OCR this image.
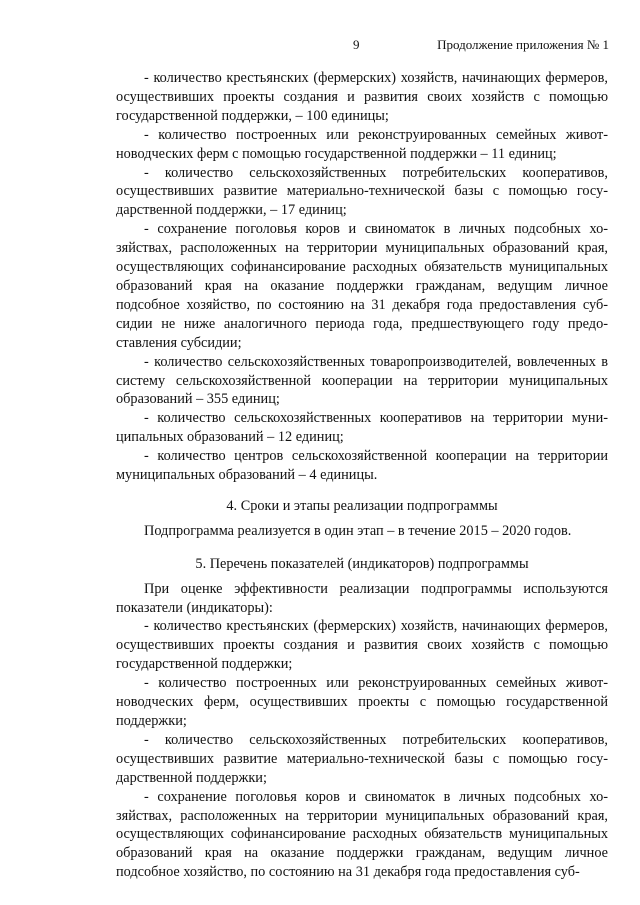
9	Продолжение приложения № 1

- количество крестьянских (фермерских) хозяйств, начинающих фермеров, осуществивших проекты создания и развития своих хозяйств с помощью государственной поддержки, – 100 единицы;

- количество построенных или реконструированных семейных животноводческих ферм с помощью государственной поддержки – 11 единиц;

- количество сельскохозяйственных потребительских кооперативов, осуществивших развитие материально-технической базы с помощью государственной поддержки, – 17 единиц;

- сохранение поголовья коров и свиноматок в личных подсобных хозяйствах, расположенных на территории муниципальных образований края, осуществляющих софинансирование расходных обязательств муниципальных образований края на оказание поддержки гражданам, ведущим личное подсобное хозяйство, по состоянию на 31 декабря года предоставления субсидии не ниже аналогичного периода года, предшествующего году предоставления субсидии;

- количество сельскохозяйственных товаропроизводителей, вовлеченных в систему сельскохозяйственной кооперации на территории муниципальных образований – 355 единиц;

- количество сельскохозяйственных кооперативов на территории муниципальных образований – 12 единиц;

- количество центров сельскохозяйственной кооперации на территории муниципальных образований – 4 единицы.

4. Сроки и этапы реализации подпрограммы

Подпрограмма реализуется в один этап – в течение 2015 – 2020 годов.

5. Перечень показателей (индикаторов) подпрограммы

При оценке эффективности реализации подпрограммы используются показатели (индикаторы):

- количество крестьянских (фермерских) хозяйств, начинающих фермеров, осуществивших проекты создания и развития своих хозяйств с помощью государственной поддержки;

- количество построенных или реконструированных семейных животноводческих ферм, осуществивших проекты с помощью государственной поддержки;

- количество сельскохозяйственных потребительских кооперативов, осуществивших развитие материально-технической базы с помощью государственной поддержки;

- сохранение поголовья коров и свиноматок в личных подсобных хозяйствах, расположенных на территории муниципальных образований края, осуществляющих софинансирование расходных обязательств муниципальных образований края на оказание поддержки гражданам, ведущим личное подсобное хозяйство, по состоянию на 31 декабря года предоставления суб-
